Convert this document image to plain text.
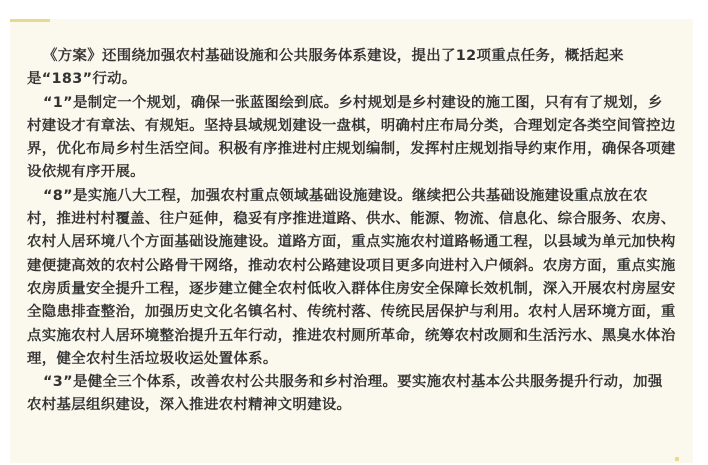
《方案》还围绕加强农村基础设施和公共服务体系建设，提出了12项重点任务，概括起来是“183”行动。

“1”是制定一个规划，确保一张蓝图绘到底。乡村规划是乡村建设的施工图，只有有了规划，乡村建设才有章法、有规矩。坚持县域规划建设一盘棋，明确村庄布局分类，合理划定各类空间管控边界，优化布局乡村生活空间。积极有序推进村庄规划编制，发挥村庄规划指导约束作用，确保各项建设依规有序开展。

“8”是实施八大工程，加强农村重点领域基础设施建设。继续把公共基础设施建设重点放在农村，推进村村覆盖、往户延伸，稳妥有序推进道路、供水、能源、物流、信息化、综合服务、农房、农村人居环境八个方面基础设施建设。道路方面，重点实施农村道路畅通工程，以县域为单元加快构建便捷高效的农村公路骨干网络，推动农村公路建设项目更多向进村入户倾斜。农房方面，重点实施农房质量安全提升工程，逐步建立健全农村低收入群体住房安全保障长效机制，深入开展农村房屋安全隐患排查整治，加强历史文化名镇名村、传统村落、传统民居保护与利用。农村人居环境方面，重点实施农村人居环境整治提升五年行动，推进农村厕所革命，统筹农村改厕和生活污水、黑臭水体治理，健全农村生活垃圾收运处置体系。

“3”是健全三个体系，改善农村公共服务和乡村治理。要实施农村基本公共服务提升行动，加强农村基层组织建设，深入推进农村精神文明建设。
